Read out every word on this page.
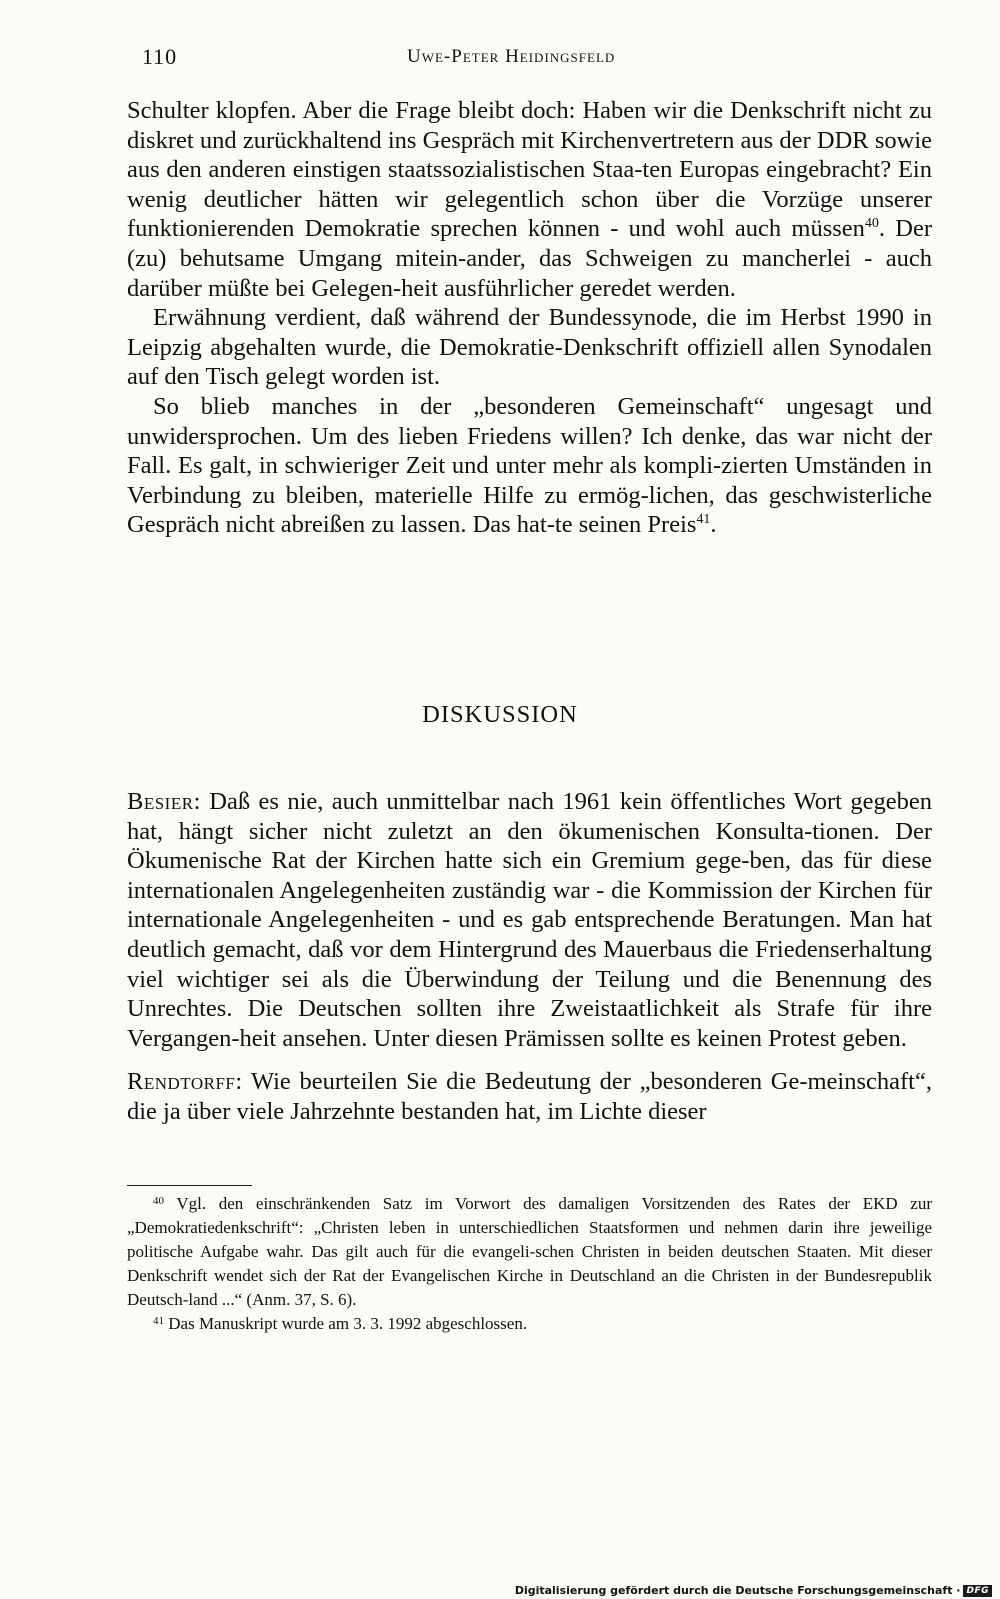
110	Uwe-Peter Heidingsfeld

Schulter klopfen. Aber die Frage bleibt doch: Haben wir die Denkschrift nicht zu diskret und zurückhaltend ins Gespräch mit Kirchenvertretern aus der DDR sowie aus den anderen einstigen staatssozialistischen Staa-ten Europas eingebracht? Ein wenig deutlicher hätten wir gelegentlich schon über die Vorzüge unserer funktionierenden Demokratie sprechen können - und wohl auch müssen$^{40}$. Der (zu) behutsame Umgang mitein-ander, das Schweigen zu mancherlei - auch darüber müßte bei Gelegen-heit ausführlicher geredet werden.

Erwähnung verdient, daß während der Bundessynode, die im Herbst 1990 in Leipzig abgehalten wurde, die Demokratie-Denkschrift offiziell allen Synodalen auf den Tisch gelegt worden ist.

So blieb manches in der „besonderen Gemeinschaft“ ungesagt und unwidersprochen. Um des lieben Friedens willen? Ich denke, das war nicht der Fall. Es galt, in schwieriger Zeit und unter mehr als kompli-zierten Umständen in Verbindung zu bleiben, materielle Hilfe zu ermög-lichen, das geschwisterliche Gespräch nicht abreißen zu lassen. Das hat-te seinen Preis$^{41}$.

DISKUSSION

Besier: Daß es nie, auch unmittelbar nach 1961 kein öffentliches Wort gegeben hat, hängt sicher nicht zuletzt an den ökumenischen Konsulta-tionen. Der Ökumenische Rat der Kirchen hatte sich ein Gremium gege-ben, das für diese internationalen Angelegenheiten zuständig war - die Kommission der Kirchen für internationale Angelegenheiten - und es gab entsprechende Beratungen. Man hat deutlich gemacht, daß vor dem Hintergrund des Mauerbaus die Friedenserhaltung viel wichtiger sei als die Überwindung der Teilung und die Benennung des Unrechtes. Die Deutschen sollten ihre Zweistaatlichkeit als Strafe für ihre Vergangen-heit ansehen. Unter diesen Prämissen sollte es keinen Protest geben.

Rendtorff: Wie beurteilen Sie die Bedeutung der „besonderen Ge-meinschaft“, die ja über viele Jahrzehnte bestanden hat, im Lichte dieser

$^{40}$ Vgl. den einschränkenden Satz im Vorwort des damaligen Vorsitzenden des Rates der EKD zur „Demokratiedenkschrift“: „Christen leben in unterschiedlichen Staatsformen und nehmen darin ihre jeweilige politische Aufgabe wahr. Das gilt auch für die evangeli-schen Christen in beiden deutschen Staaten. Mit dieser Denkschrift wendet sich der Rat der Evangelischen Kirche in Deutschland an die Christen in der Bundesrepublik Deutsch-land ...“ (Anm. 37, S. 6).

$^{41}$ Das Manuskript wurde am 3. 3. 1992 abgeschlossen.

Digitalisierung gefördert durch die Deutsche Forschungsgemeinschaft · DFG
